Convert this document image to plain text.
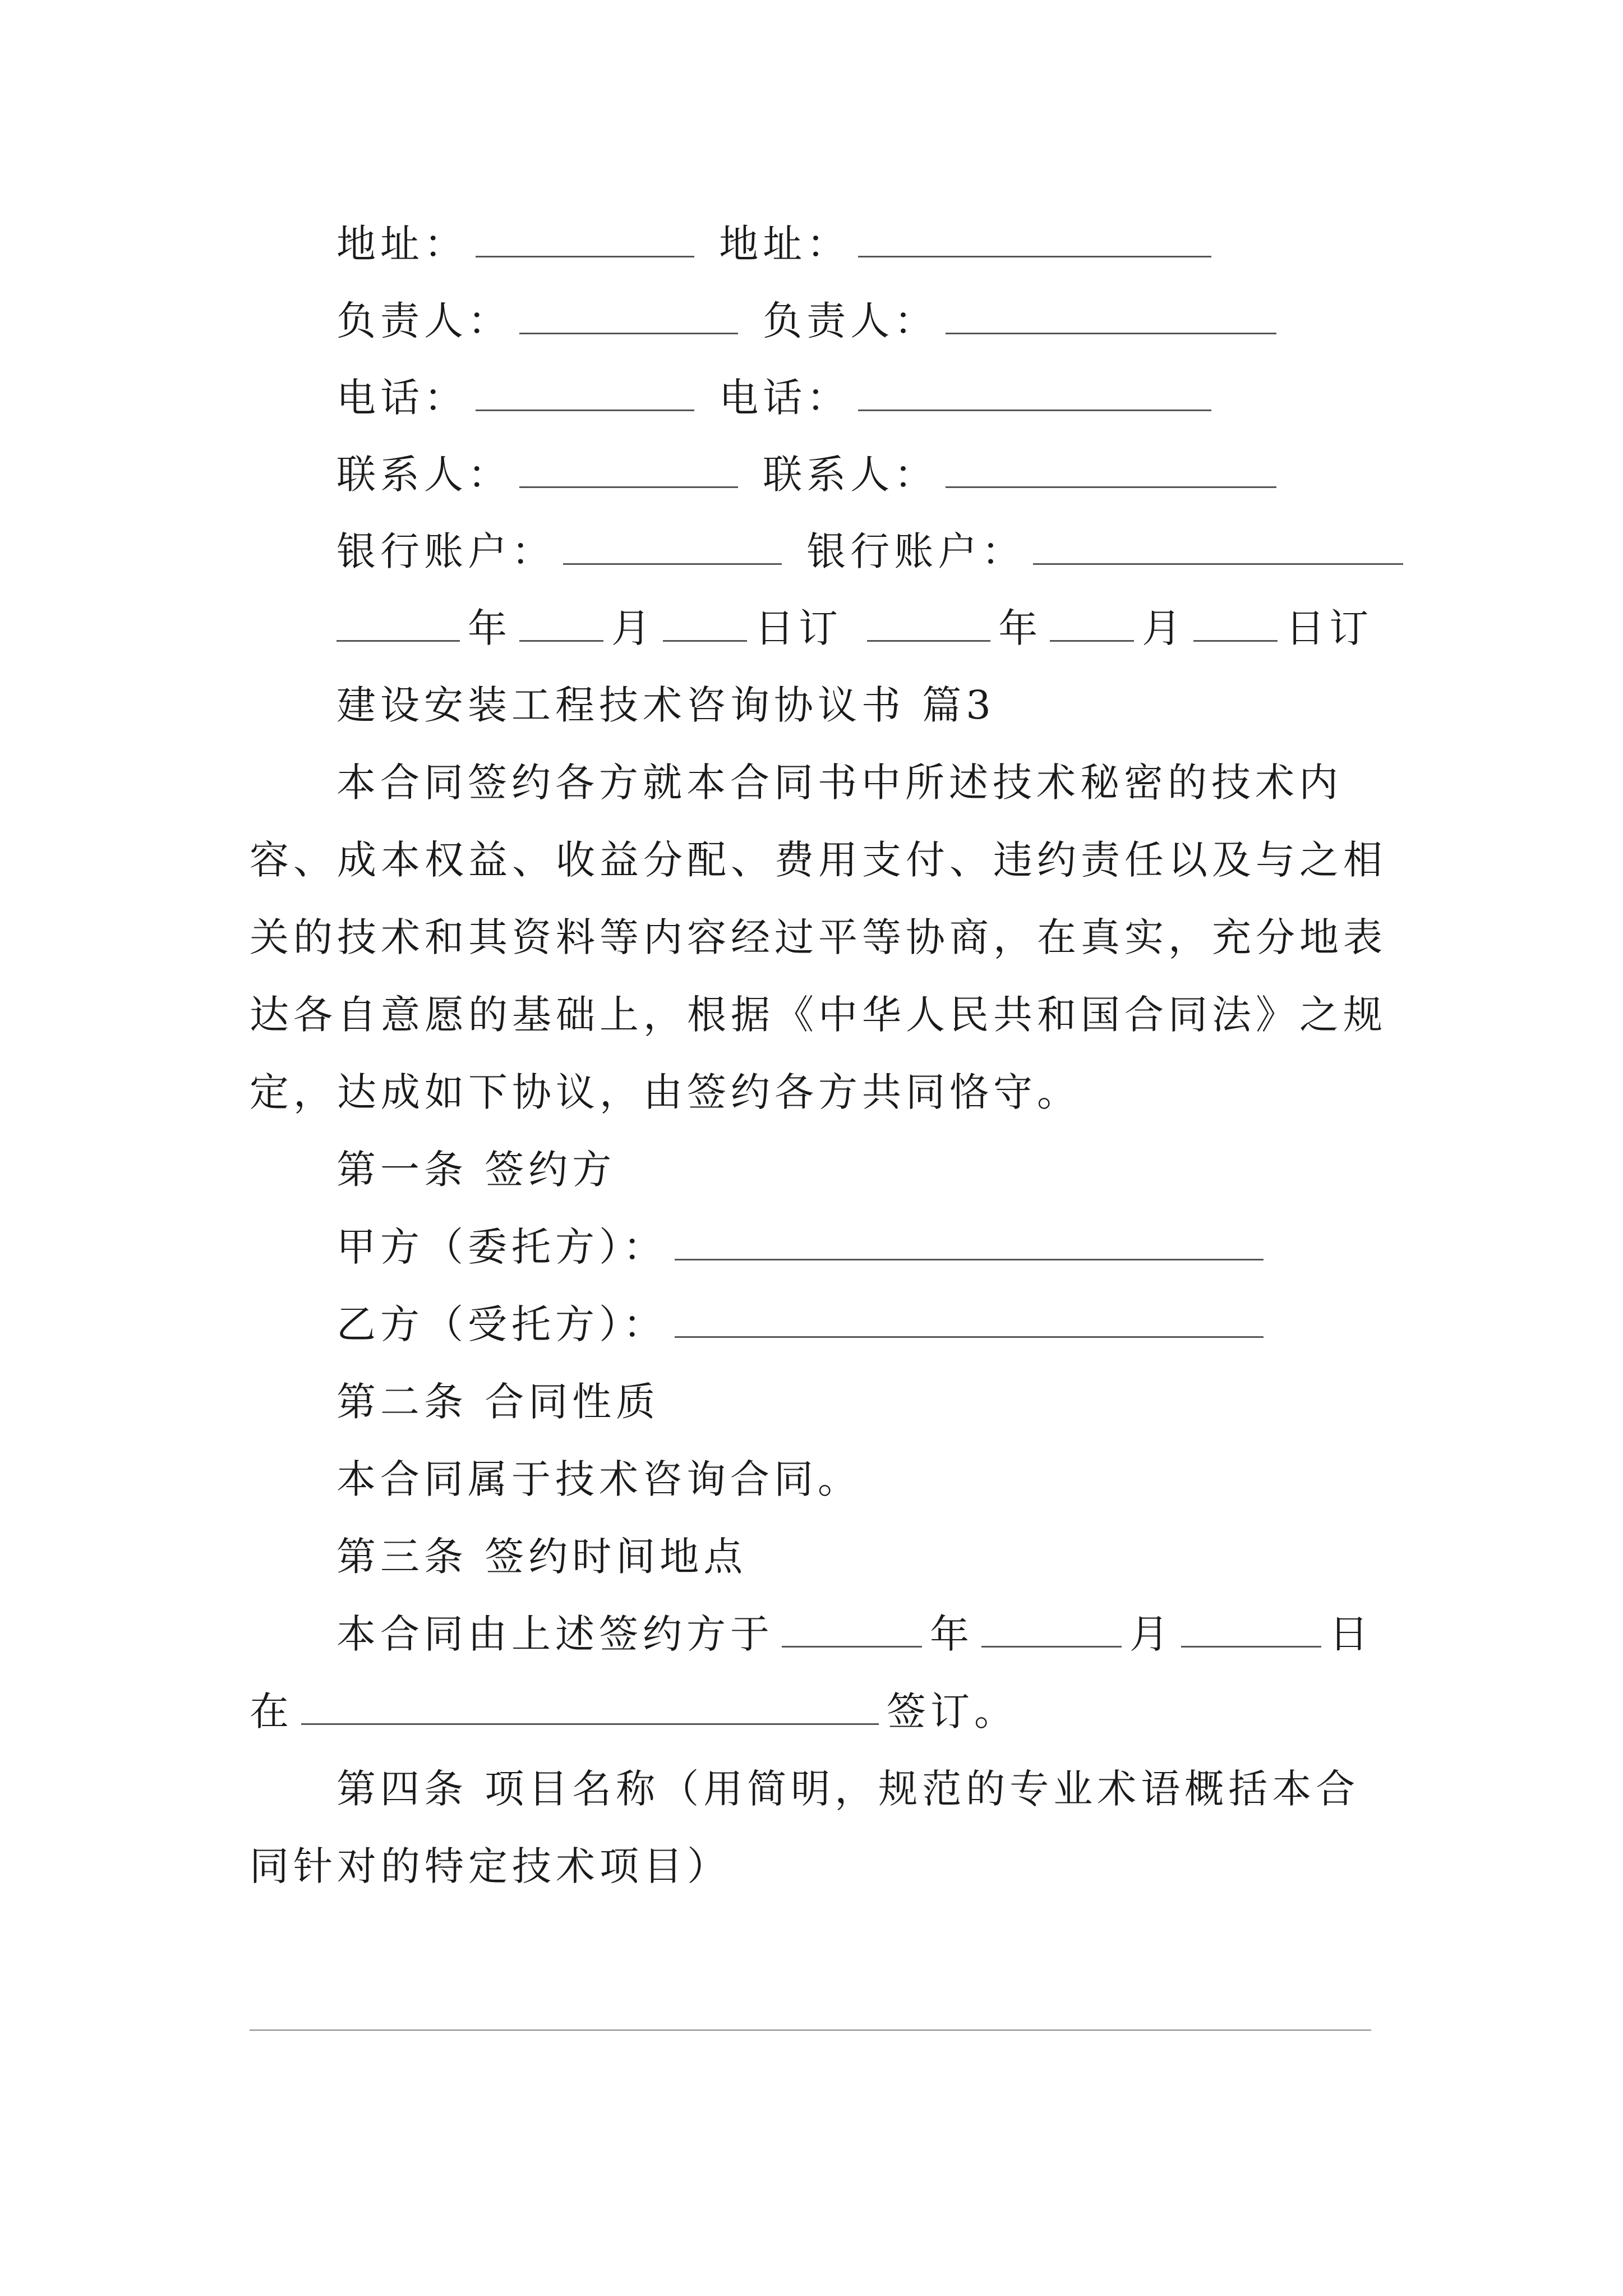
地址：	地址：
负责人：	负责人：
电话：	电话：
联系人：	联系人：
银行账户：	银行账户：
年	月	日订	年	月	日订
建设安装工程技术咨询协议书 篇3
本合同签约各方就本合同书中所述技术秘密的技术内
容、成本权益、收益分配、费用支付、违约责任以及与之相
关的技术和其资料等内容经过平等协商，在真实，充分地表
达各自意愿的基础上，根据《中华人民共和国合同法》之规
定，达成如下协议，由签约各方共同恪守。
第一条 签约方
甲方（委托方）：
乙方（受托方）：
第二条 合同性质
本合同属于技术咨询合同。
第三条 签约时间地点
本合同由上述签约方于	年	月	日
在	签订。
第四条 项目名称（用简明，规范的专业术语概括本合
同针对的特定技术项目）
